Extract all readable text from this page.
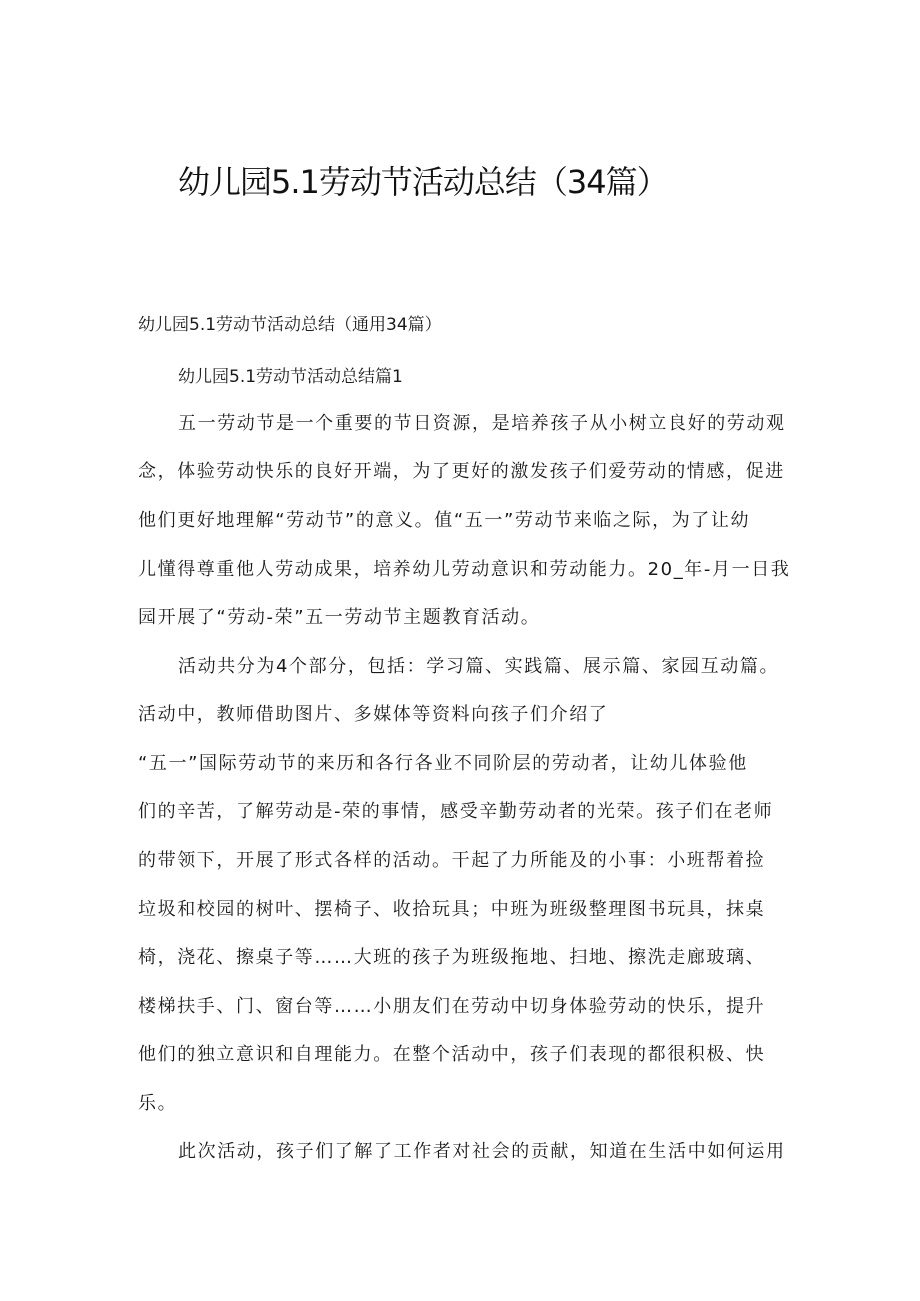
幼儿园5.1劳动节活动总结（34篇）
幼儿园5.1劳动节活动总结（通用34篇）
幼儿园5.1劳动节活动总结篇1
五一劳动节是一个重要的节日资源，是培养孩子从小树立良好的劳动观
念，体验劳动快乐的良好开端，为了更好的激发孩子们爱劳动的情感，促进
他们更好地理解“劳动节”的意义。值“五一”劳动节来临之际，为了让幼
儿懂得尊重他人劳动成果，培养幼儿劳动意识和劳动能力。20_年-月一日我
园开展了“劳动-荣”五一劳动节主题教育活动。
活动共分为4个部分，包括：学习篇、实践篇、展示篇、家园互动篇。
活动中，教师借助图片、多媒体等资料向孩子们介绍了
“五一”国际劳动节的来历和各行各业不同阶层的劳动者，让幼儿体验他
们的辛苦，了解劳动是-荣的事情，感受辛勤劳动者的光荣。孩子们在老师
的带领下，开展了形式各样的活动。干起了力所能及的小事：小班帮着捡
垃圾和校园的树叶、摆椅子、收拾玩具；中班为班级整理图书玩具，抹桌
椅，浇花、擦桌子等……大班的孩子为班级拖地、扫地、擦洗走廊玻璃、
楼梯扶手、门、窗台等……小朋友们在劳动中切身体验劳动的快乐，提升
他们的独立意识和自理能力。在整个活动中，孩子们表现的都很积极、快
乐。
此次活动，孩子们了解了工作者对社会的贡献，知道在生活中如何运用
